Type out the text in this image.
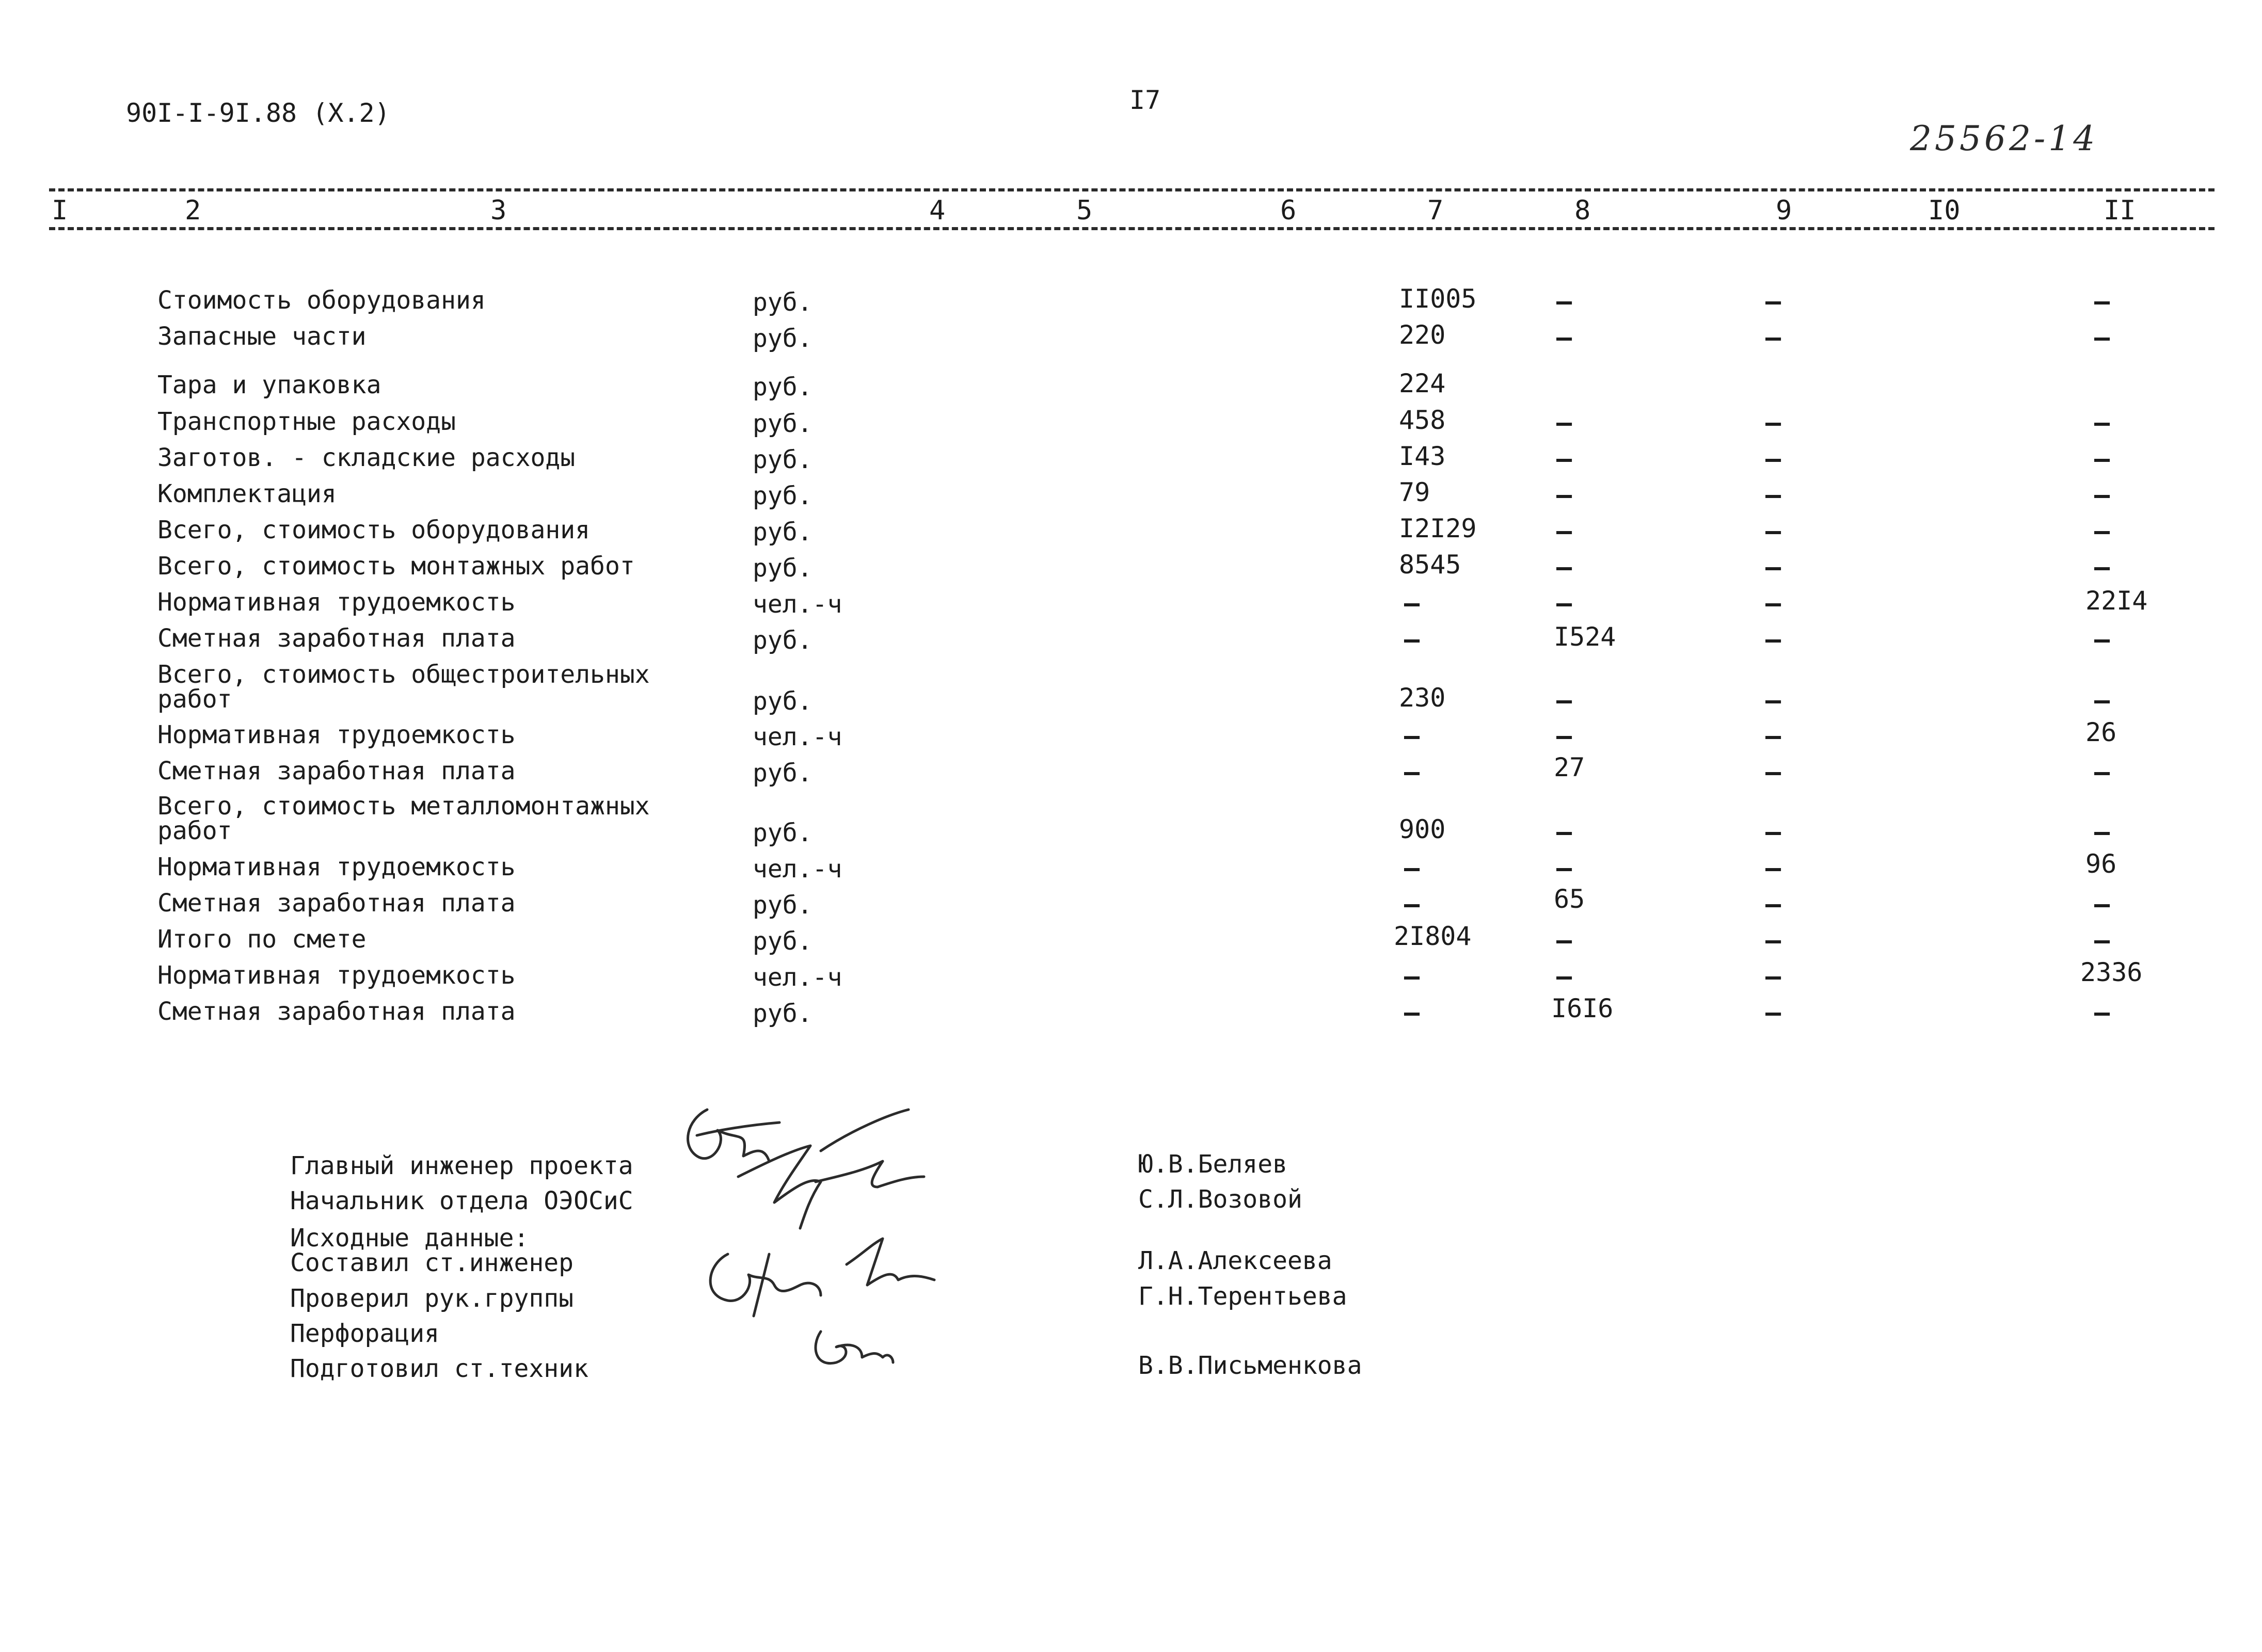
90I-I-9I.88 (X.2)	I7
25562-14
I	2	3	4	5	6	7	8	9	I0	II
Стоимость оборудования	руб.	II005	–	–	–
Запасные части	руб.	220	–	–	–
Тара и упаковка	руб.	224
Транспортные расходы	руб.	458	–	–	–
Заготов. - складские расходы	руб.	I43	–	–	–
Комплектация	руб.	79	–	–	–
Всего, стоимость оборудования	руб.	I2I29	–	–	–
Всего, стоимость монтажных работ	руб.	8545	–	–	–
Нормативная трудоемкость	чел.-ч	–	–	–	22I4
Сметная заработная плата	руб.	–	I524	–	–
Всего, стоимость общестроительных работ	руб.	230	–	–	–
Нормативная трудоемкость	чел.-ч	–	–	–	26
Сметная заработная плата	руб.	–	27	–	–
Всего, стоимость металломонтажных работ	руб.	900	–	–	–
Нормативная трудоемкость	чел.-ч	–	–	–	96
Сметная заработная плата	руб.	–	65	–	–
Итого по смете	руб.	2I804	–	–	–
Нормативная трудоемкость	чел.-ч	–	–	–	2336
Сметная заработная плата	руб.	–	I6I6	–	–
Главный инженер проекта	Ю.В.Беляев
Начальник отдела ОЭОСиС	С.Л.Возовой
Исходные данные:
Составил ст.инженер	Л.А.Алексеева
Проверил рук.группы	Г.Н.Терентьева
Перфорация
Подготовил ст.техник	В.В.Письменкова
